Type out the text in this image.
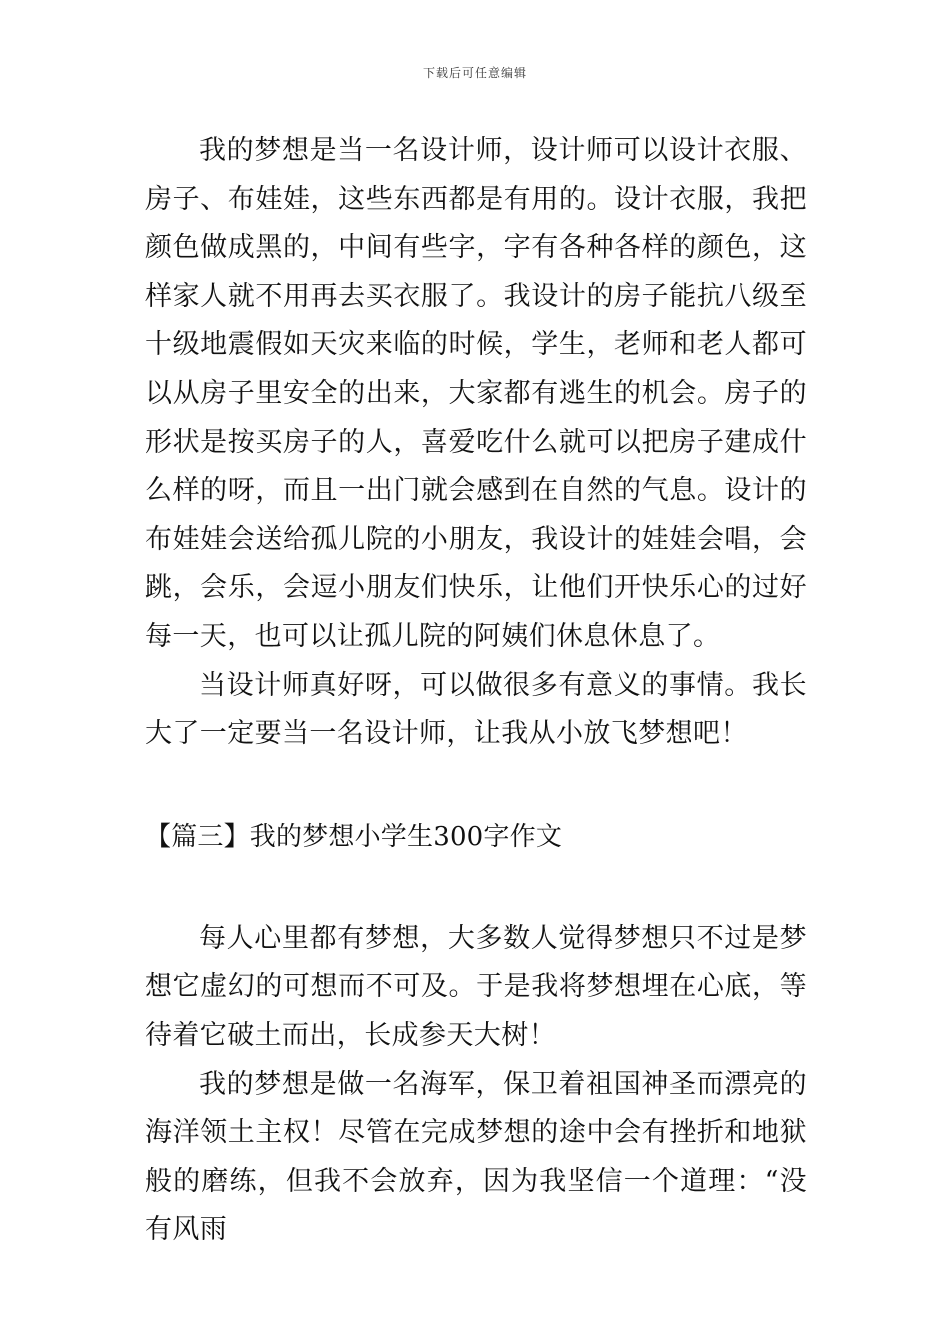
下载后可任意编辑

我的梦想是当一名设计师，设计师可以设计衣服、房子、布娃娃，这些东西都是有用的。设计衣服，我把颜色做成黑的，中间有些字，字有各种各样的颜色，这样家人就不用再去买衣服了。我设计的房子能抗八级至十级地震假如天灾来临的时候，学生，老师和老人都可以从房子里安全的出来，大家都有逃生的机会。房子的形状是按买房子的人，喜爱吃什么就可以把房子建成什么样的呀，而且一出门就会感到在自然的气息。设计的布娃娃会送给孤儿院的小朋友，我设计的娃娃会唱，会跳，会乐，会逗小朋友们快乐，让他们开快乐心的过好每一天，也可以让孤儿院的阿姨们休息休息了。

当设计师真好呀，可以做很多有意义的事情。我长大了一定要当一名设计师，让我从小放飞梦想吧！

【篇三】我的梦想小学生300字作文

每人心里都有梦想，大多数人觉得梦想只不过是梦想它虚幻的可想而不可及。于是我将梦想埋在心底，等待着它破土而出，长成参天大树！

我的梦想是做一名海军，保卫着祖国神圣而漂亮的海洋领土主权！尽管在完成梦想的途中会有挫折和地狱般的磨练，但我不会放弃，因为我坚信一个道理：“没有风雨
